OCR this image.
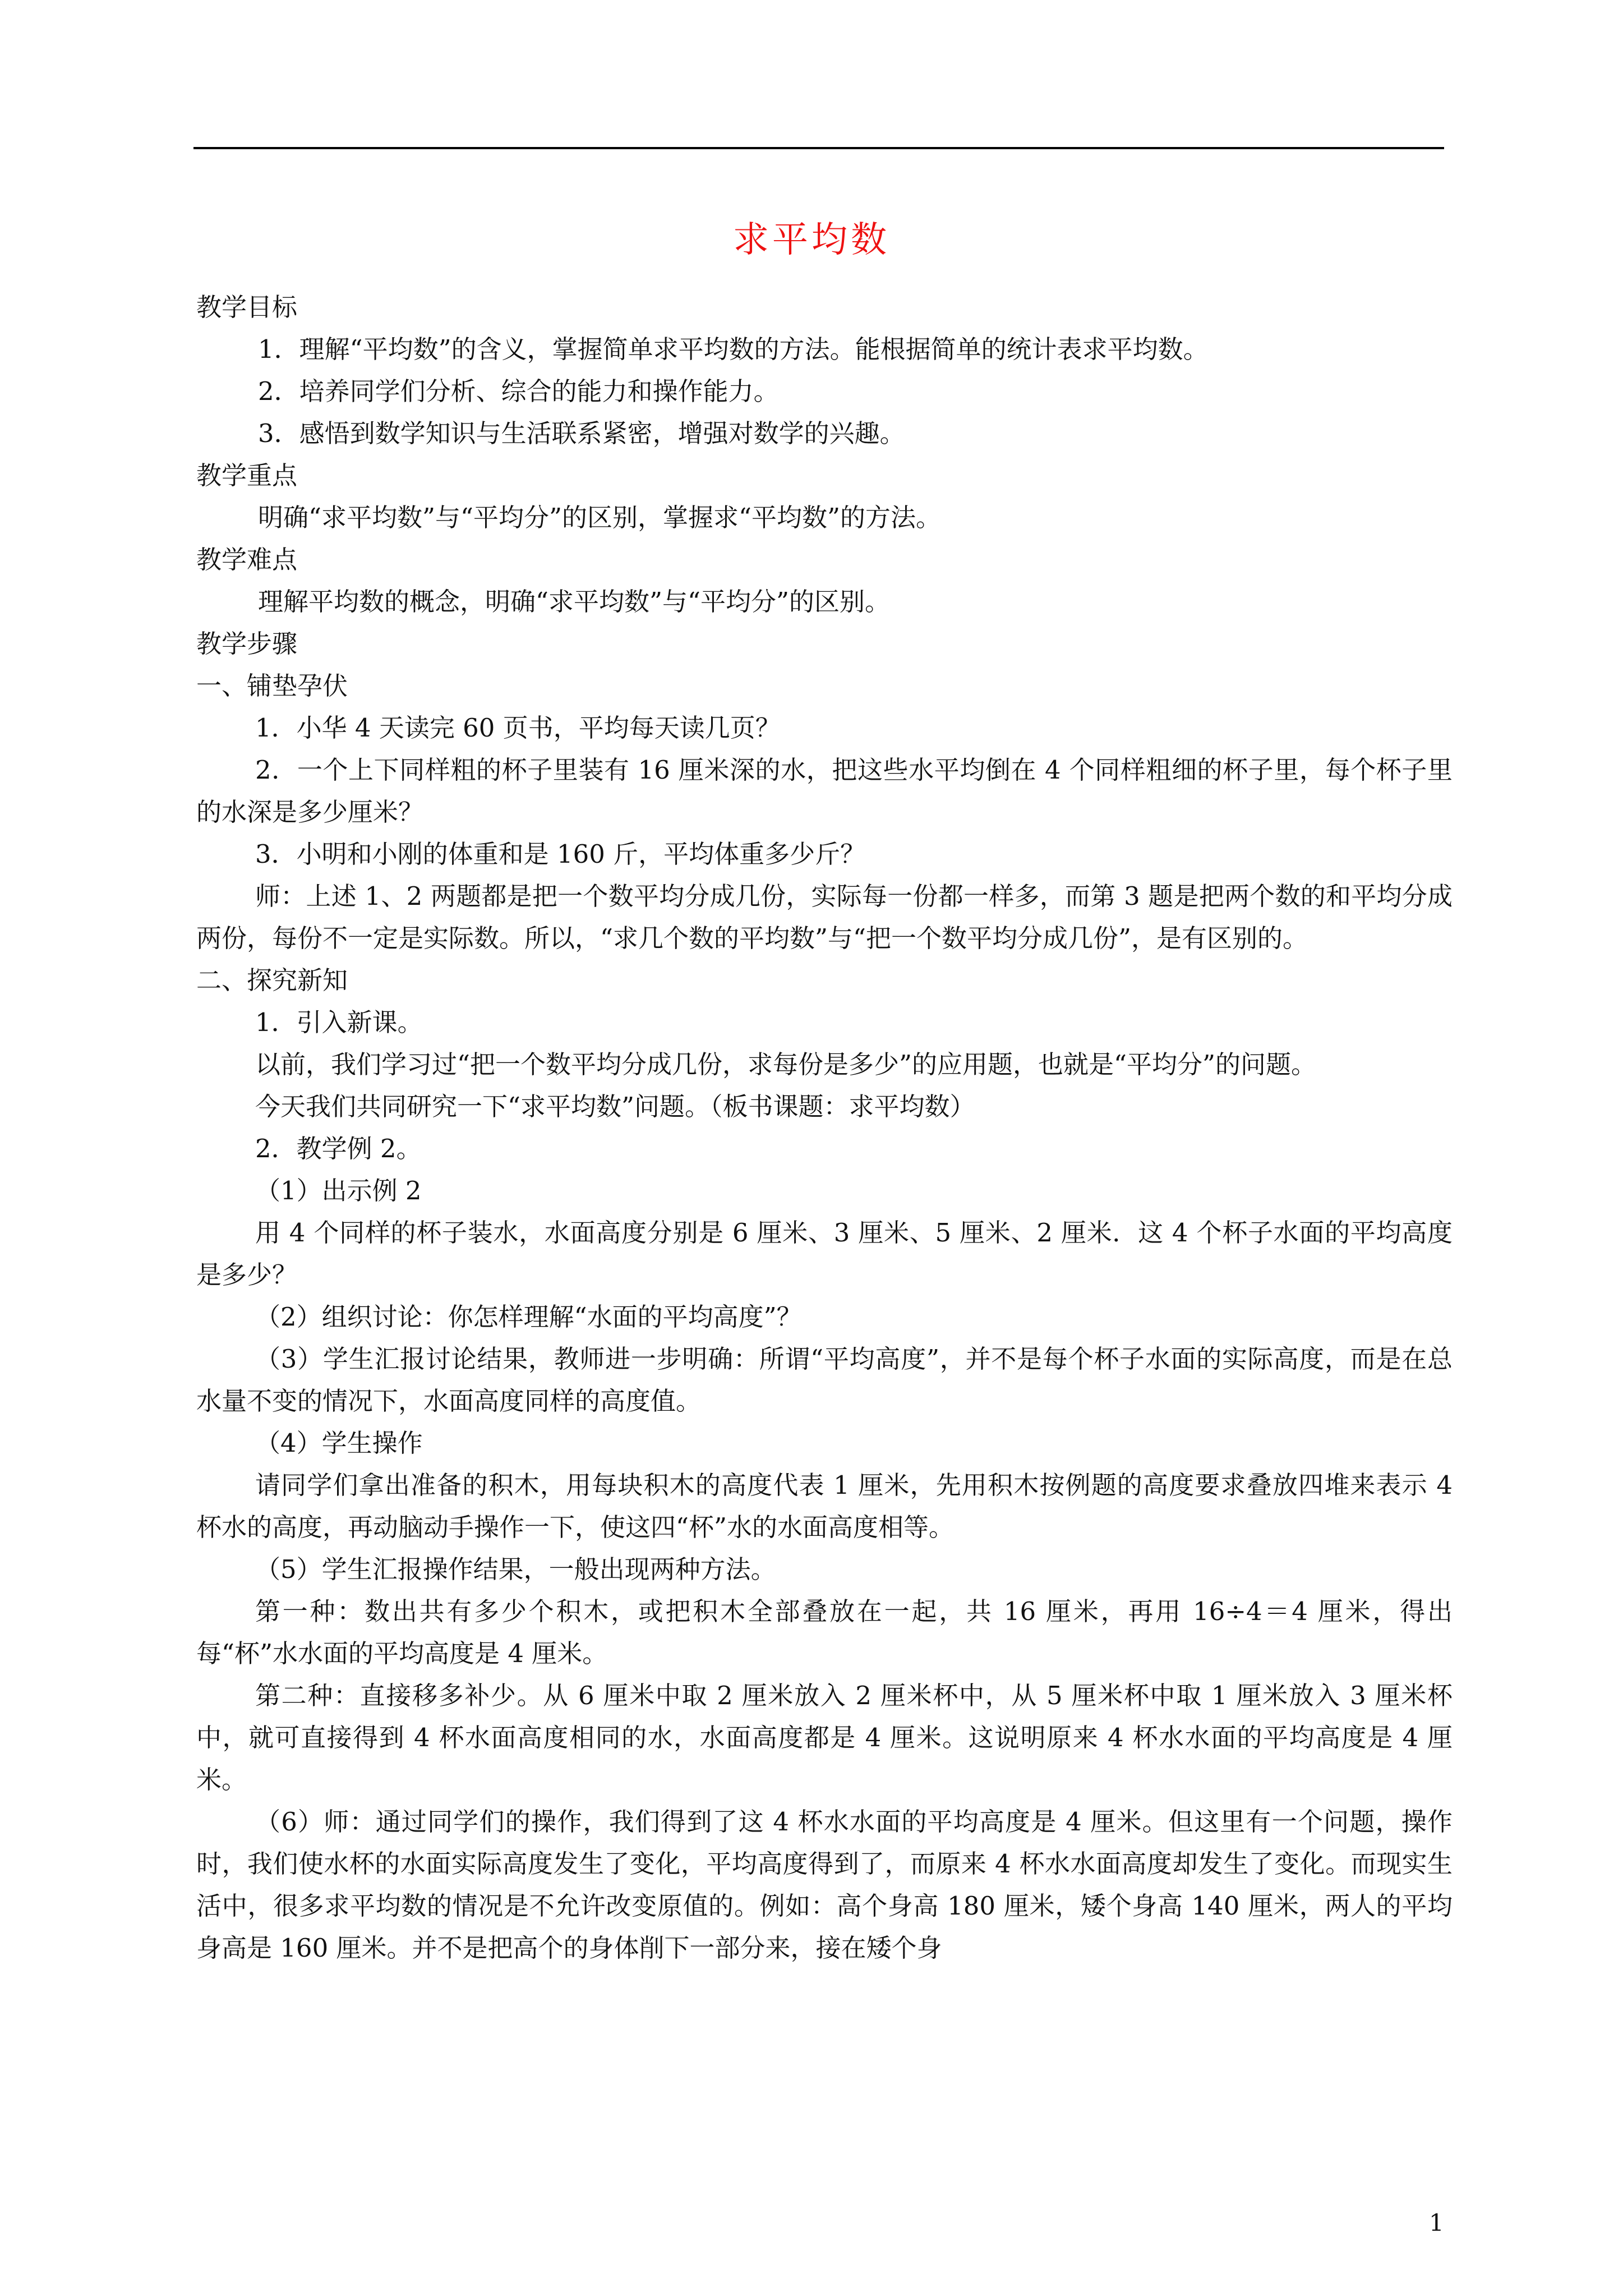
求平均数

教学目标

1．理解“平均数”的含义，掌握简单求平均数的方法。能根据简单的统计表求平均数。

2．培养同学们分析、综合的能力和操作能力。

3．感悟到数学知识与生活联系紧密，增强对数学的兴趣。

教学重点

明确“求平均数”与“平均分”的区别，掌握求“平均数”的方法。

教学难点

理解平均数的概念，明确“求平均数”与“平均分”的区别。

教学步骤

一、铺垫孕伏

1．小华 4 天读完 60 页书，平均每天读几页？

2．一个上下同样粗的杯子里装有 16 厘米深的水，把这些水平均倒在 4 个同样粗细的杯子里，每个杯子里的水深是多少厘米？

3．小明和小刚的体重和是 160 斤，平均体重多少斤？

师：上述 1、2 两题都是把一个数平均分成几份，实际每一份都一样多，而第 3 题是把两个数的和平均分成两份，每份不一定是实际数。所以，“求几个数的平均数”与“把一个数平均分成几份”，是有区别的。

二、探究新知

1．引入新课。

以前，我们学习过“把一个数平均分成几份，求每份是多少”的应用题，也就是“平均分”的问题。

今天我们共同研究一下“求平均数”问题。（板书课题：求平均数）

2．教学例 2。

（1）出示例 2

用 4 个同样的杯子装水，水面高度分别是 6 厘米、3 厘米、5 厘米、2 厘米．这 4 个杯子水面的平均高度是多少？

（2）组织讨论：你怎样理解“水面的平均高度”？

（3）学生汇报讨论结果，教师进一步明确：所谓“平均高度”，并不是每个杯子水面的实际高度，而是在总水量不变的情况下，水面高度同样的高度值。

（4）学生操作

请同学们拿出准备的积木，用每块积木的高度代表 1 厘米，先用积木按例题的高度要求叠放四堆来表示 4 杯水的高度，再动脑动手操作一下，使这四“杯”水的水面高度相等。

（5）学生汇报操作结果，一般出现两种方法。

第一种：数出共有多少个积木，或把积木全部叠放在一起，共 16 厘米，再用 16÷4＝4 厘米，得出每“杯”水水面的平均高度是 4 厘米。

第二种：直接移多补少。从 6 厘米中取 2 厘米放入 2 厘米杯中，从 5 厘米杯中取 1 厘米放入 3 厘米杯中，就可直接得到 4 杯水面高度相同的水，水面高度都是 4 厘米。这说明原来 4 杯水水面的平均高度是 4 厘米。

（6）师：通过同学们的操作，我们得到了这 4 杯水水面的平均高度是 4 厘米。但这里有一个问题，操作时，我们使水杯的水面实际高度发生了变化，平均高度得到了，而原来 4 杯水水面高度却发生了变化。而现实生活中，很多求平均数的情况是不允许改变原值的。例如：高个身高 180 厘米，矮个身高 140 厘米，两人的平均身高是 160 厘米。并不是把高个的身体削下一部分来，接在矮个身

1
